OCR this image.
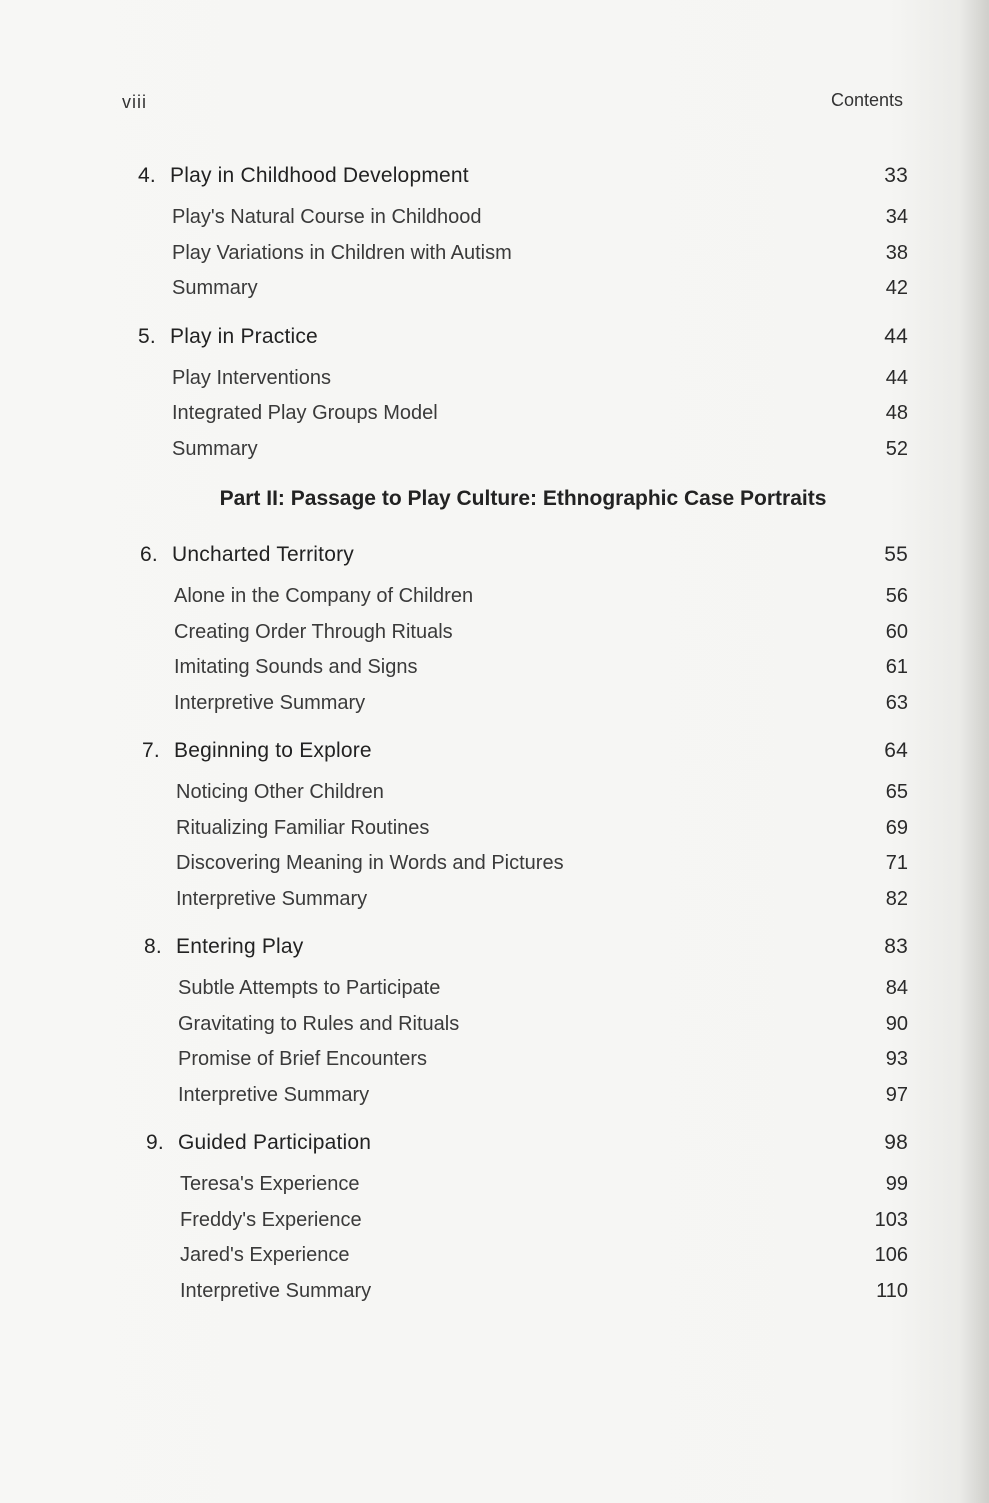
viii	Contents
4. Play in Childhood Development	33
Play's Natural Course in Childhood	34
Play Variations in Children with Autism	38
Summary	42
5. Play in Practice	44
Play Interventions	44
Integrated Play Groups Model	48
Summary	52
Part II: Passage to Play Culture: Ethnographic Case Portraits
6. Uncharted Territory	55
Alone in the Company of Children	56
Creating Order Through Rituals	60
Imitating Sounds and Signs	61
Interpretive Summary	63
7. Beginning to Explore	64
Noticing Other Children	65
Ritualizing Familiar Routines	69
Discovering Meaning in Words and Pictures	71
Interpretive Summary	82
8. Entering Play	83
Subtle Attempts to Participate	84
Gravitating to Rules and Rituals	90
Promise of Brief Encounters	93
Interpretive Summary	97
9. Guided Participation	98
Teresa's Experience	99
Freddy's Experience	103
Jared's Experience	106
Interpretive Summary	110
